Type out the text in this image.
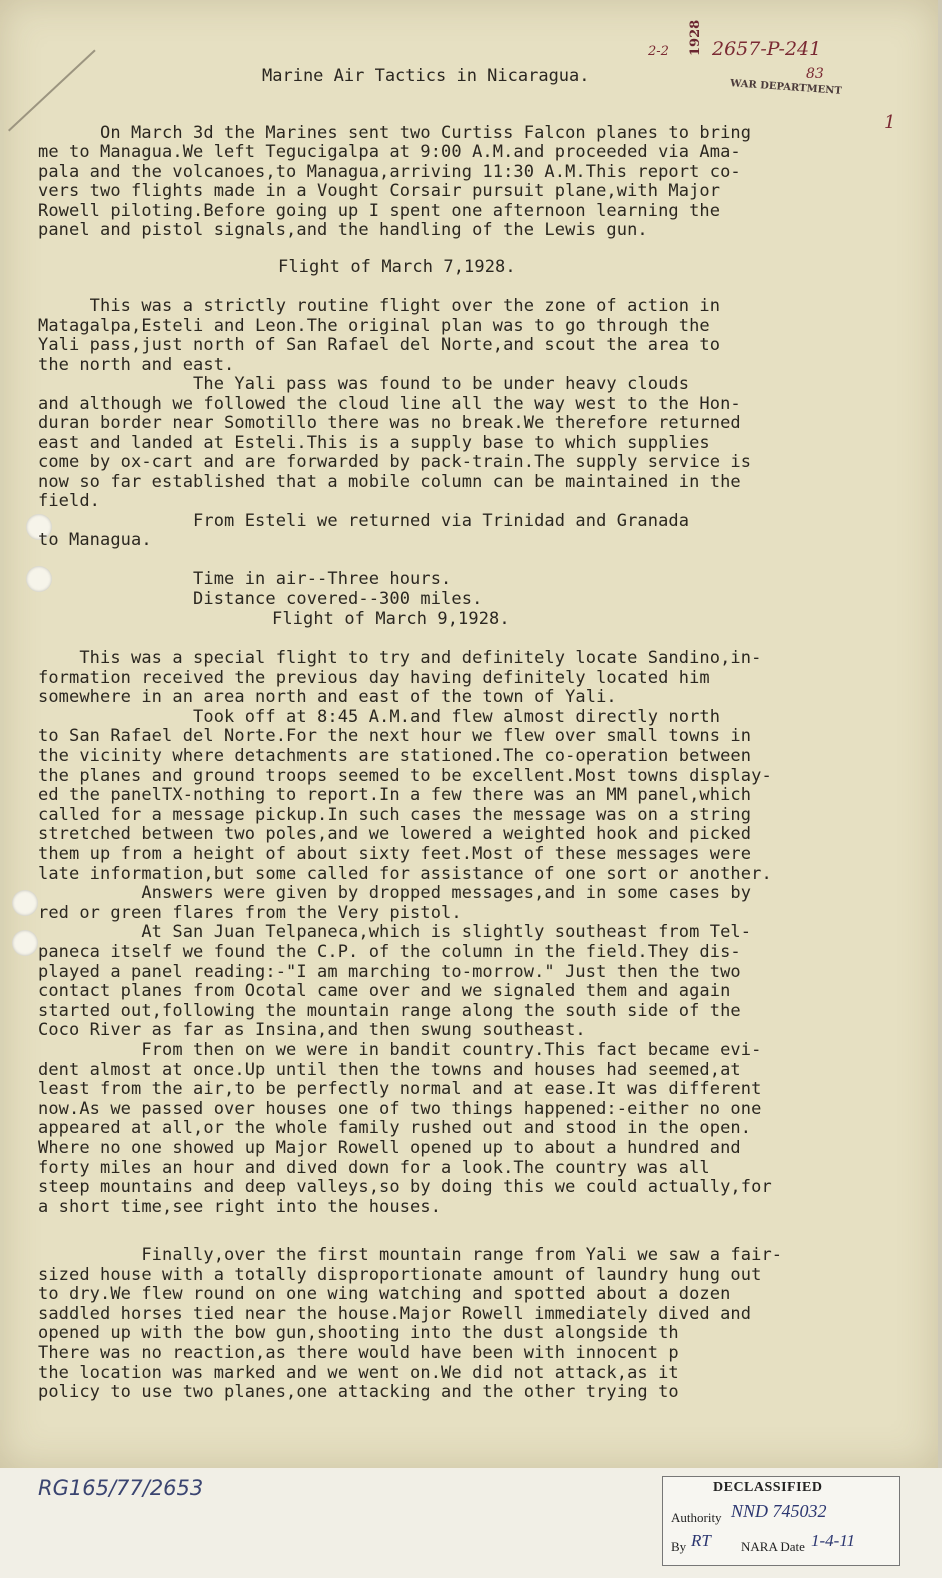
2-2 1928 2657-P-241
83
WAR DEPARTMENT
1
Marine Air Tactics in Nicaragua.
On March 3d the Marines sent two Curtiss Falcon planes to bring
me to Managua.We left Tegucigalpa at 9:00 A.M.and proceeded via Ama-
pala and the volcanoes,to Managua,arriving 11:30 A.M.This report co-
vers two flights made in a Vought Corsair pursuit plane,with Major
Rowell piloting.Before going up I spent one afternoon learning the
panel and pistol signals,and the handling of the Lewis gun.
Flight of March 7,1928.
This was a strictly routine flight over the zone of action in
Matagalpa,Esteli and Leon.The original plan was to go through the
Yali pass,just north of San Rafael del Norte,and scout the area to
the north and east.
The Yali pass was found to be under heavy clouds
and although we followed the cloud line all the way west to the Hon-
duran border near Somotillo there was no break.We therefore returned
east and landed at Esteli.This is a supply base to which supplies
come by ox-cart and are forwarded by pack-train.The supply service is
now so far established that a mobile column can be maintained in the
field.
From Esteli we returned via Trinidad and Granada
to Managua.
Time in air--Three hours.
Distance covered--300 miles.
Flight of March 9,1928.
This was a special flight to try and definitely locate Sandino,in-
formation received the previous day having definitely located him
somewhere in an area north and east of the town of Yali.
Took off at 8:45 A.M.and flew almost directly north
to San Rafael del Norte.For the next hour we flew over small towns in
the vicinity where detachments are stationed.The co-operation between
the planes and ground troops seemed to be excellent.Most towns display-
ed the panelTX-nothing to report.In a few there was an MM panel,which
called for a message pickup.In such cases the message was on a string
stretched between two poles,and we lowered a weighted hook and picked
them up from a height of about sixty feet.Most of these messages were
late information,but some called for assistance of one sort or another.
Answers were given by dropped messages,and in some cases by
red or green flares from the Very pistol.
At San Juan Telpaneca,which is slightly southeast from Tel-
paneca itself we found the C.P. of the column in the field.They dis-
played a panel reading:-"I am marching to-morrow." Just then the two
contact planes from Ocotal came over and we signaled them and again
started out,following the mountain range along the south side of the
Coco River as far as Insina,and then swung southeast.
From then on we were in bandit country.This fact became evi-
dent almost at once.Up until then the towns and houses had seemed,at
least from the air,to be perfectly normal and at ease.It was different
now.As we passed over houses one of two things happened:-either no one
appeared at all,or the whole family rushed out and stood in the open.
Where no one showed up Major Rowell opened up to about a hundred and
forty miles an hour and dived down for a look.The country was all
steep mountains and deep valleys,so by doing this we could actually,for
a short time,see right into the houses.
Finally,over the first mountain range from Yali we saw a fair-
sized house with a totally disproportionate amount of laundry hung out
to dry.We flew round on one wing watching and spotted about a dozen
saddled horses tied near the house.Major Rowell immediately dived and
opened up with the bow gun,shooting into the dust alongside th
There was no reaction,as there would have been with innocent p
the location was marked and we went on.We did not attack,as it
policy to use two planes,one attacking and the other trying to
RG165/77/2653	DECLASSIFIED
Authority NND 745032
By RT NARA Date 1-4-11
